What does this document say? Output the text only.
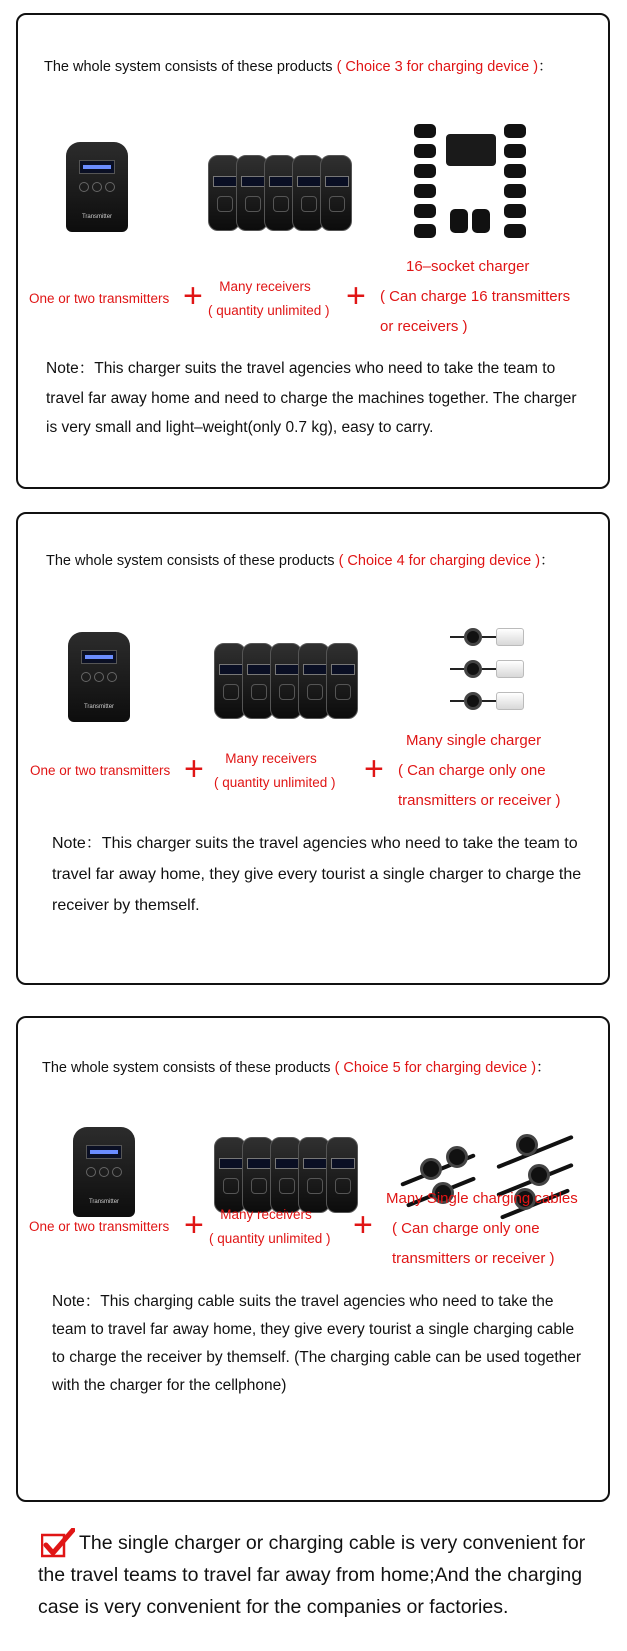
The whole system consists of these products ( Choice 3 for charging device )：
Transmitter
One or two transmitters +	Many receivers
( quantity unlimited ) +
16–socket charger
( Can charge 16 transmitters
or receivers )

Note：This charger suits the travel agencies who need to take the team to travel far away home and need to charge the machines together. The charger is very small and light–weight(only 0.7 kg), easy to carry.

The whole system consists of these products ( Choice 4 for charging device )：
Transmitter
One or two transmitters +	Many receivers
( quantity unlimited ) +
Many single charger
( Can charge only one
transmitters or receiver )

Note：This charger suits the travel agencies who need to take the team to travel far away home, they give every tourist a single charger to charge the receiver by themself.

The whole system consists of these products ( Choice 5 for charging device )：
Transmitter
One or two transmitters +	Many receivers
( quantity unlimited ) +
Many Single charging cables
( Can charge only one
transmitters or receiver )

Note：This charging cable suits the travel agencies who need to take the team to travel far away home, they give every tourist a single charging cable to charge the receiver by themself. (The charging cable can be used together with the charger for the cellphone)

The single charger or charging cable is very convenient for the travel teams to travel far away from home;And the charging case is very convenient for the companies or factories.
